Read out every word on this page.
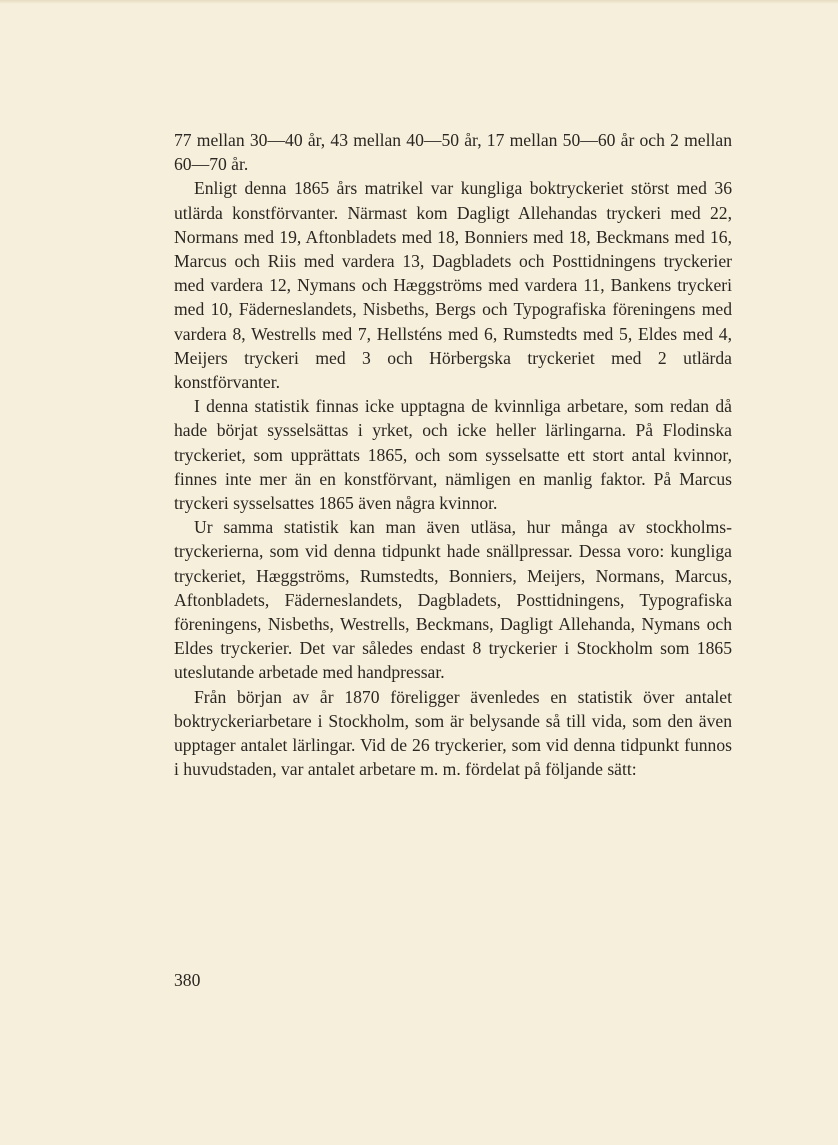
77 mellan 30—40 år, 43 mellan 40—50 år, 17 mellan 50—60 år och 2 mellan 60—70 år.

Enligt denna 1865 års matrikel var kungliga boktryckeriet störst med 36 utlärda konstförvanter. Närmast kom Dagligt Allehandas tryckeri med 22, Normans med 19, Aftonbladets med 18, Bonniers med 18, Beckmans med 16, Marcus och Riis med vardera 13, Dagbladets och Posttidningens tryckerier med vardera 12, Nymans och Hæggströms med vardera 11, Bankens tryckeri med 10, Fäderneslandets, Nisbeths, Bergs och Typografiska föreningens med vardera 8, Westrells med 7, Hellsténs med 6, Rumstedts med 5, Eldes med 4, Meijers tryckeri med 3 och Hörbergska tryckeriet med 2 utlärda konstförvanter.

I denna statistik finnas icke upptagna de kvinnliga arbetare, som redan då hade börjat sysselsättas i yrket, och icke heller lärlingarna. På Flodinska tryckeriet, som upprättats 1865, och som sysselsatte ett stort antal kvinnor, finnes inte mer än en konstförvant, nämligen en manlig faktor. På Marcus tryckeri sysselsattes 1865 även några kvinnor.

Ur samma statistik kan man även utläsa, hur många av stockholmstryckerierna, som vid denna tidpunkt hade snällpressar. Dessa voro: kungliga tryckeriet, Hæggströms, Rumstedts, Bonniers, Meijers, Normans, Marcus, Aftonbladets, Fäderneslandets, Dagbladets, Posttidningens, Typografiska föreningens, Nisbeths, Westrells, Beckmans, Dagligt Allehanda, Nymans och Eldes tryckerier. Det var således endast 8 tryckerier i Stockholm som 1865 uteslutande arbetade med handpressar.

Från början av år 1870 föreligger ävenledes en statistik över antalet boktryckeriarbetare i Stockholm, som är belysande så till vida, som den även upptager antalet lärlingar. Vid de 26 tryckerier, som vid denna tidpunkt funnos i huvudstaden, var antalet arbetare m. m. fördelat på följande sätt:

380
